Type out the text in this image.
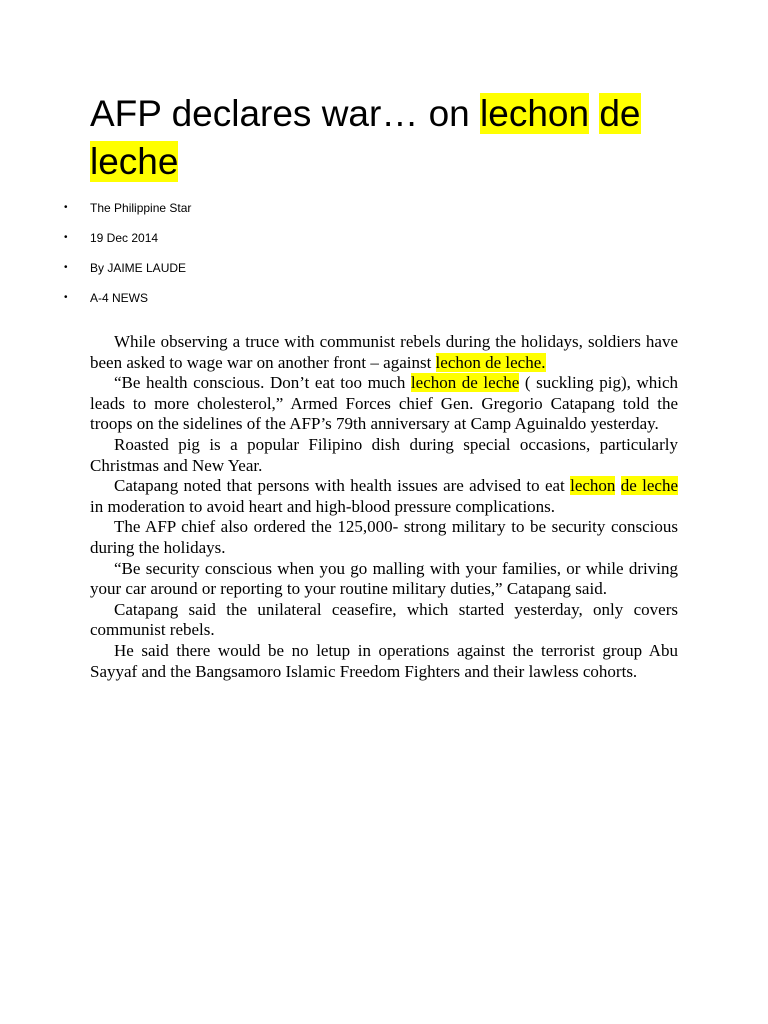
AFP declares war… on lechon de leche
• The Philippine Star
• 19 Dec 2014
• By JAIME LAUDE
• A-4 NEWS

While observing a truce with communist rebels during the holidays, soldiers have been asked to wage war on another front – against lechon de leche.

“Be health conscious. Don’t eat too much lechon de leche ( suckling pig), which leads to more cholesterol,” Armed Forces chief Gen. Gregorio Catapang told the troops on the sidelines of the AFP’s 79th anniversary at Camp Aguinaldo yesterday.

Roasted pig is a popular Filipino dish during special occasions, particularly Christmas and New Year.

Catapang noted that persons with health issues are advised to eat lechon de leche in moderation to avoid heart and high-blood pressure complications.

The AFP chief also ordered the 125,000- strong military to be security conscious during the holidays.

“Be security conscious when you go malling with your families, or while driving your car around or reporting to your routine military duties,” Catapang said.

Catapang said the unilateral ceasefire, which started yesterday, only covers communist rebels.

He said there would be no letup in operations against the terrorist group Abu Sayyaf and the Bangsamoro Islamic Freedom Fighters and their lawless cohorts.
